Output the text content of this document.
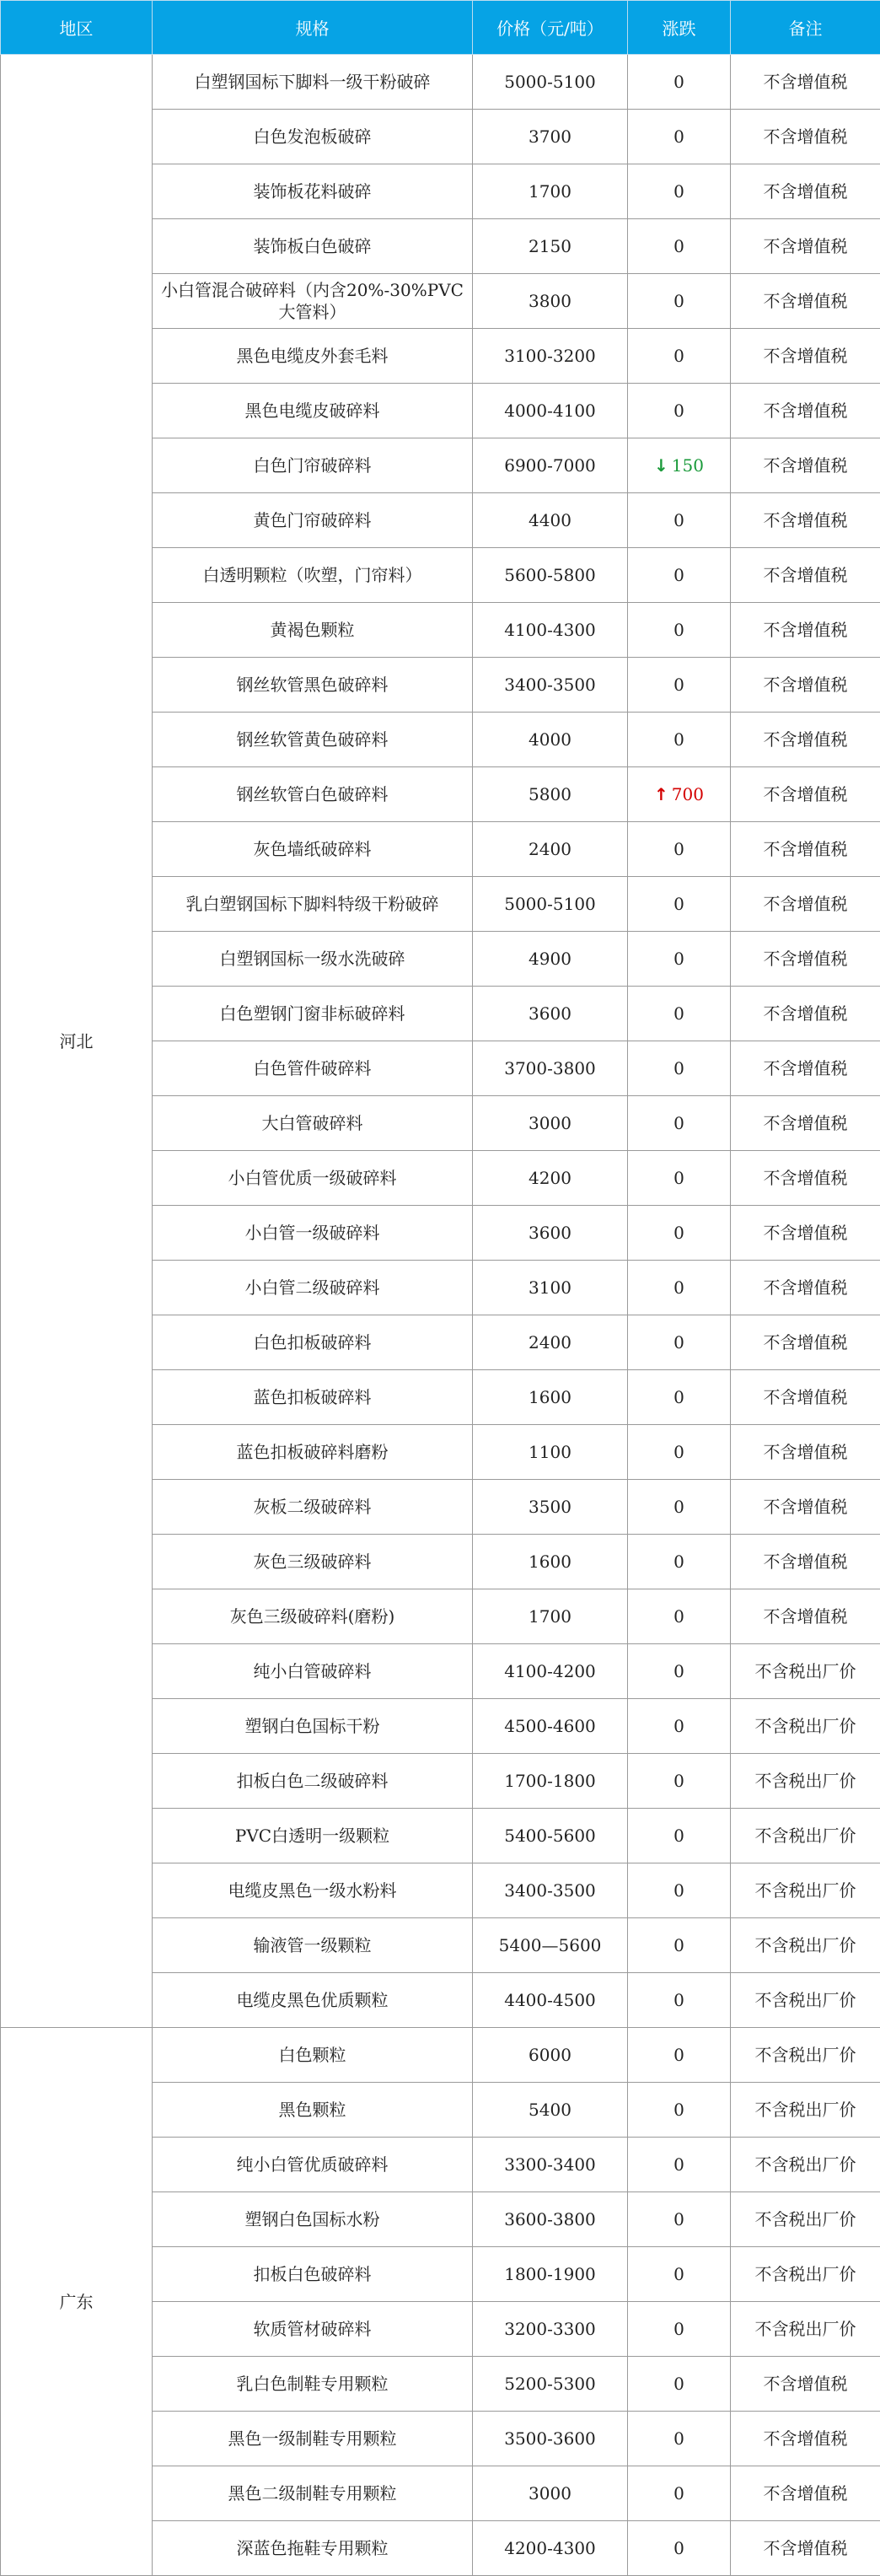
地区	规格	价格（元/吨）	涨跌	备注
河北	白塑钢国标下脚料一级干粉破碎	5000-5100	0	不含增值税
	白色发泡板破碎	3700	0	不含增值税
	装饰板花料破碎	1700	0	不含增值税
	装饰板白色破碎	2150	0	不含增值税
	小白管混合破碎料（内含20%-30%PVC大管料）	3800	0	不含增值税
	黑色电缆皮外套毛料	3100-3200	0	不含增值税
	黑色电缆皮破碎料	4000-4100	0	不含增值税
	白色门帘破碎料	6900-7000	↓ 150	不含增值税
	黄色门帘破碎料	4400	0	不含增值税
	白透明颗粒（吹塑，门帘料）	5600-5800	0	不含增值税
	黄褐色颗粒	4100-4300	0	不含增值税
	钢丝软管黑色破碎料	3400-3500	0	不含增值税
	钢丝软管黄色破碎料	4000	0	不含增值税
	钢丝软管白色破碎料	5800	↑ 700	不含增值税
	灰色墙纸破碎料	2400	0	不含增值税
	乳白塑钢国标下脚料特级干粉破碎	5000-5100	0	不含增值税
	白塑钢国标一级水洗破碎	4900	0	不含增值税
	白色塑钢门窗非标破碎料	3600	0	不含增值税
	白色管件破碎料	3700-3800	0	不含增值税
	大白管破碎料	3000	0	不含增值税
	小白管优质一级破碎料	4200	0	不含增值税
	小白管一级破碎料	3600	0	不含增值税
	小白管二级破碎料	3100	0	不含增值税
	白色扣板破碎料	2400	0	不含增值税
	蓝色扣板破碎料	1600	0	不含增值税
	蓝色扣板破碎料磨粉	1100	0	不含增值税
	灰板二级破碎料	3500	0	不含增值税
	灰色三级破碎料	1600	0	不含增值税
	灰色三级破碎料(磨粉)	1700	0	不含增值税
	纯小白管破碎料	4100-4200	0	不含税出厂价
	塑钢白色国标干粉	4500-4600	0	不含税出厂价
	扣板白色二级破碎料	1700-1800	0	不含税出厂价
	PVC白透明一级颗粒	5400-5600	0	不含税出厂价
	电缆皮黑色一级水粉料	3400-3500	0	不含税出厂价
	输液管一级颗粒	5400—5600	0	不含税出厂价
	电缆皮黑色优质颗粒	4400-4500	0	不含税出厂价
广东	白色颗粒	6000	0	不含税出厂价
	黑色颗粒	5400	0	不含税出厂价
	纯小白管优质破碎料	3300-3400	0	不含税出厂价
	塑钢白色国标水粉	3600-3800	0	不含税出厂价
	扣板白色破碎料	1800-1900	0	不含税出厂价
	软质管材破碎料	3200-3300	0	不含税出厂价
	乳白色制鞋专用颗粒	5200-5300	0	不含增值税
	黑色一级制鞋专用颗粒	3500-3600	0	不含增值税
	黑色二级制鞋专用颗粒	3000	0	不含增值税
	深蓝色拖鞋专用颗粒	4200-4300	0	不含增值税
